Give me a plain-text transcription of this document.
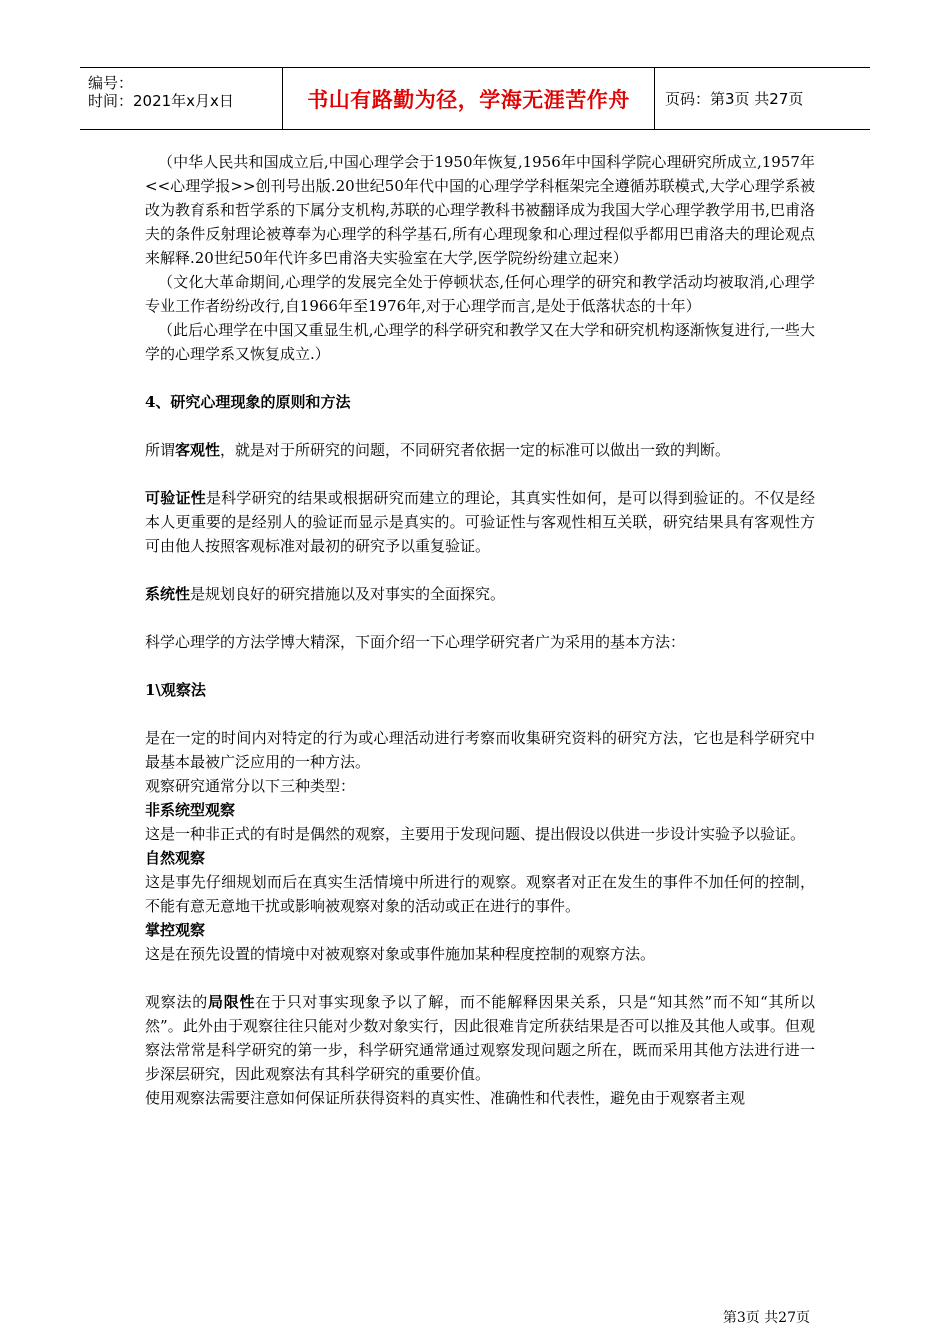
编号：
时间：2021年x月x日	书山有路勤为径，学海无涯苦作舟 页码：第3页 共27页

（中华人民共和国成立后,中国心理学会于1950年恢复,1956年中国科学院心理研究所成立,1957年<<心理学报>>创刊号出版.20世纪50年代中国的心理学学科框架完全遵循苏联模式,大学心理学系被改为教育系和哲学系的下属分支机构,苏联的心理学教科书被翻译成为我国大学心理学教学用书,巴甫洛夫的条件反射理论被尊奉为心理学的科学基石,所有心理现象和心理过程似乎都用巴甫洛夫的理论观点来解释.20世纪50年代许多巴甫洛夫实验室在大学,医学院纷纷建立起来）

（文化大革命期间,心理学的发展完全处于停顿状态,任何心理学的研究和教学活动均被取消,心理学专业工作者纷纷改行,自1966年至1976年,对于心理学而言,是处于低落状态的十年）

（此后心理学在中国又重显生机,心理学的科学研究和教学又在大学和研究机构逐渐恢复进行,一些大学的心理学系又恢复成立.）

4、研究心理现象的原则和方法

所谓客观性，就是对于所研究的问题，不同研究者依据一定的标准可以做出一致的判断。

可验证性是科学研究的结果或根据研究而建立的理论，其真实性如何，是可以得到验证的。不仅是经本人更重要的是经别人的验证而显示是真实的。可验证性与客观性相互关联，研究结果具有客观性方可由他人按照客观标准对最初的研究予以重复验证。

系统性是规划良好的研究措施以及对事实的全面探究。

科学心理学的方法学博大精深，下面介绍一下心理学研究者广为采用的基本方法：

1\观察法

是在一定的时间内对特定的行为或心理活动进行考察而收集研究资料的研究方法，它也是科学研究中最基本最被广泛应用的一种方法。

观察研究通常分以下三种类型：

非系统型观察

这是一种非正式的有时是偶然的观察，主要用于发现问题、提出假设以供进一步设计实验予以验证。

自然观察

这是事先仔细规划而后在真实生活情境中所进行的观察。观察者对正在发生的事件不加任何的控制，不能有意无意地干扰或影响被观察对象的活动或正在进行的事件。

掌控观察

这是在预先设置的情境中对被观察对象或事件施加某种程度控制的观察方法。

观察法的局限性在于只对事实现象予以了解，而不能解释因果关系，只是“知其然”而不知“其所以然”。此外由于观察往往只能对少数对象实行，因此很难肯定所获结果是否可以推及其他人或事。但观察法常常是科学研究的第一步，科学研究通常通过观察发现问题之所在，既而采用其他方法进行进一步深层研究，因此观察法有其科学研究的重要价值。

使用观察法需要注意如何保证所获得资料的真实性、准确性和代表性，避免由于观察者主观

第3页 共27页
